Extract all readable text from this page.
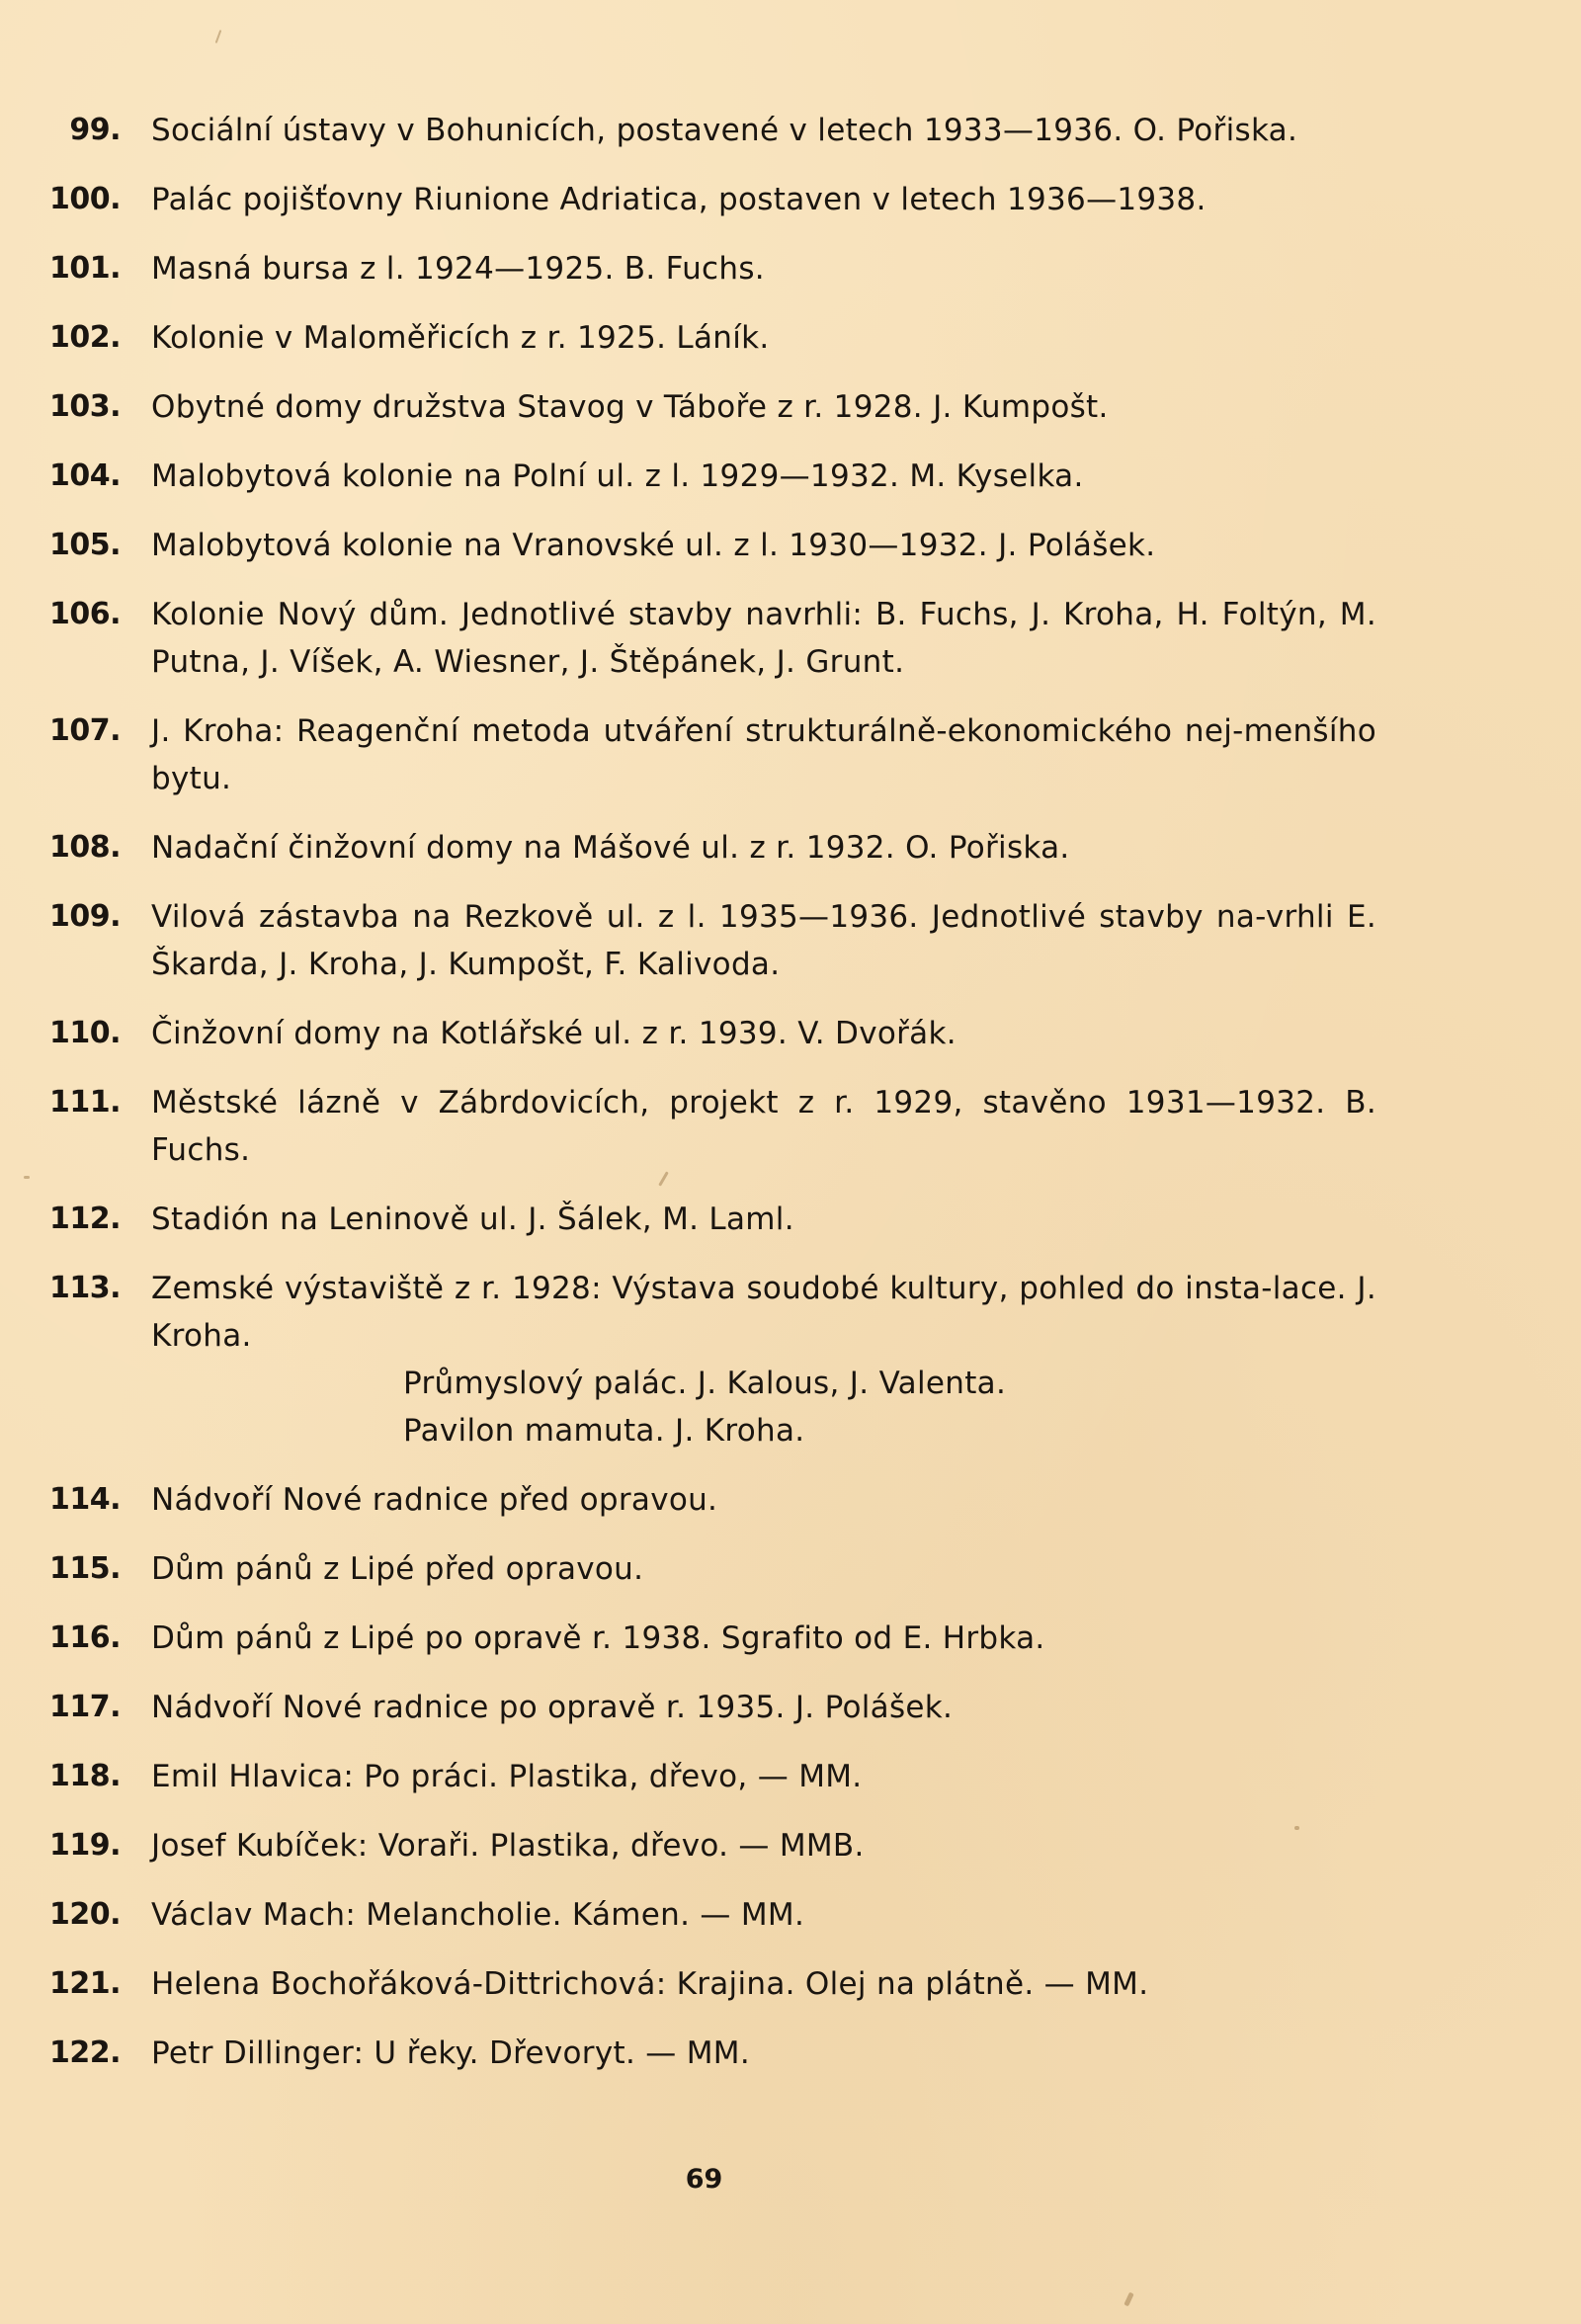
99. Sociální ústavy v Bohunicích, postavené v letech 1933—1936. O. Pořiska.
100. Palác pojišťovny Riunione Adriatica, postaven v letech 1936—1938.
101. Masná bursa z l. 1924—1925. B. Fuchs.
102. Kolonie v Maloměřicích z r. 1925. Láník.
103. Obytné domy družstva Stavog v Táboře z r. 1928. J. Kumpošt.
104. Malobytová kolonie na Polní ul. z l. 1929—1932. M. Kyselka.
105. Malobytová kolonie na Vranovské ul. z l. 1930—1932. J. Polášek.
106. Kolonie Nový dům. Jednotlivé stavby navrhli: B. Fuchs, J. Kroha, H. Foltýn, M. Putna, J. Víšek, A. Wiesner, J. Štěpánek, J. Grunt.
107. J. Kroha: Reagenční metoda utváření strukturálně-ekonomického nej-menšího bytu.
108. Nadační činžovní domy na Mášové ul. z r. 1932. O. Pořiska.
109. Vilová zástavba na Rezkově ul. z l. 1935—1936. Jednotlivé stavby na-vrhli E. Škarda, J. Kroha, J. Kumpošt, F. Kalivoda.
110. Činžovní domy na Kotlářské ul. z r. 1939. V. Dvořák.
111. Městské lázně v Zábrdovicích, projekt z r. 1929, stavěno 1931—1932. B. Fuchs.
112. Stadión na Leninově ul. J. Šálek, M. Laml.
113. Zemské výstaviště z r. 1928: Výstava soudobé kultury, pohled do insta-lace. J. Kroha.
Průmyslový palác. J. Kalous, J. Valenta.
Pavilon mamuta. J. Kroha.
114. Nádvoří Nové radnice před opravou.
115. Dům pánů z Lipé před opravou.
116. Dům pánů z Lipé po opravě r. 1938. Sgrafito od E. Hrbka.
117. Nádvoří Nové radnice po opravě r. 1935. J. Polášek.
118. Emil Hlavica: Po práci. Plastika, dřevo, — MM.
119. Josef Kubíček: Voraři. Plastika, dřevo. — MMB.
120. Václav Mach: Melancholie. Kámen. — MM.
121. Helena Bochořáková-Dittrichová: Krajina. Olej na plátně. — MM.
122. Petr Dillinger: U řeky. Dřevoryt. — MM.
69
